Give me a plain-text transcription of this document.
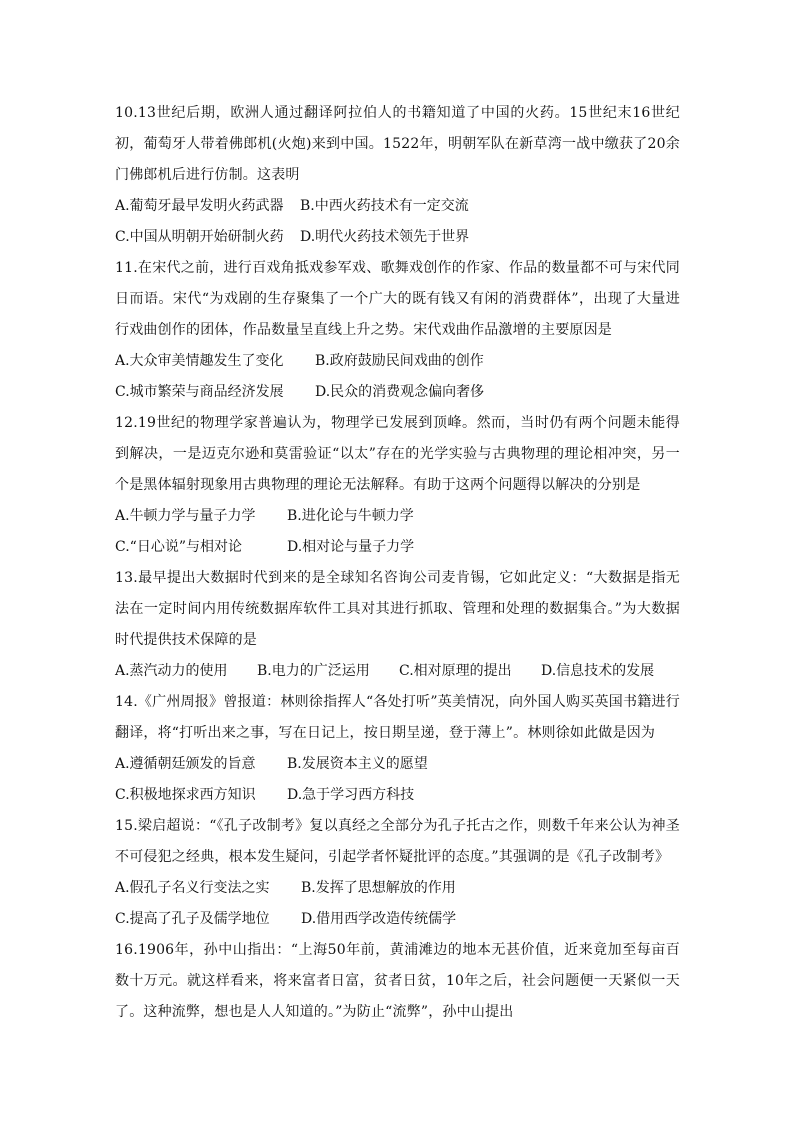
10.13世纪后期，欧洲人通过翻译阿拉伯人的书籍知道了中国的火药。15世纪末16世纪初，葡萄牙人带着佛郎机(火炮)来到中国。1522年，明朝军队在新草湾一战中缴获了20余门佛郎机后进行仿制。这表明

A.葡萄牙最早发明火药武器	B.中西火药技术有一定交流
C.中国从明朝开始研制火药	D.明代火药技术领先于世界

11.在宋代之前，进行百戏角抵戏参军戏、歌舞戏创作的作家、作品的数量都不可与宋代同日而语。宋代“为戏剧的生存聚集了一个广大的既有钱又有闲的消费群体”，出现了大量进行戏曲创作的团体，作品数量呈直线上升之势。宋代戏曲作品激增的主要原因是

A.大众审美情趣发生了变化	B.政府鼓励民间戏曲的创作
C.城市繁荣与商品经济发展	D.民众的消费观念偏向奢侈

12.19世纪的物理学家普遍认为，物理学已发展到顶峰。然而，当时仍有两个问题未能得到解决，一是迈克尔逊和莫雷验证“以太”存在的光学实验与古典物理的理论相冲突，另一个是黑体辐射现象用古典物理的理论无法解释。有助于这两个问题得以解决的分别是

A.牛顿力学与量子力学	B.进化论与牛顿力学
C.“日心说”与相对论	D.相对论与量子力学

13.最早提出大数据时代到来的是全球知名咨询公司麦肯锡，它如此定义：“大数据是指无法在一定时间内用传统数据库软件工具对其进行抓取、管理和处理的数据集合。”为大数据时代提供技术保障的是

A.蒸汽动力的使用	B.电力的广泛运用	C.相对原理的提出	D.信息技术的发展

14.《广州周报》曾报道：林则徐指挥人“各处打听”英美情况，向外国人购买英国书籍进行翻译，将“打听出来之事，写在日记上，按日期呈递，登于薄上”。林则徐如此做是因为

A.遵循朝廷颁发的旨意	B.发展资本主义的愿望
C.积极地探求西方知识	D.急于学习西方科技

15.梁启超说：“《孔子改制考》复以真经之全部分为孔子托古之作，则数千年来公认为神圣不可侵犯之经典，根本发生疑问，引起学者怀疑批评的态度。”其强调的是《孔子改制考》

A.假孔子名义行变法之实	B.发挥了思想解放的作用
C.提高了孔子及儒学地位	D.借用西学改造传统儒学

16.1906年，孙中山指出：“上海50年前，黄浦滩边的地本无甚价值，近来竟加至每亩百数十万元。就这样看来，将来富者日富，贫者日贫，10年之后，社会问题便一天紧似一天了。这种流弊，想也是人人知道的。”为防止“流弊”，孙中山提出
